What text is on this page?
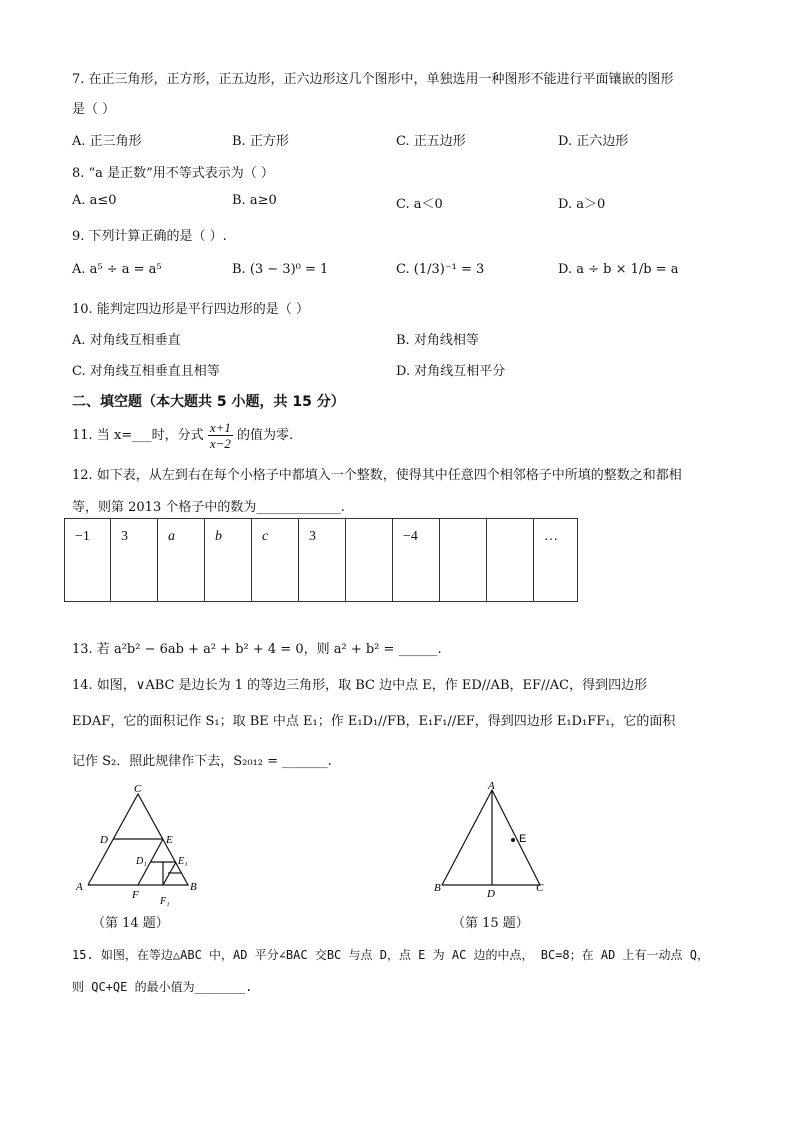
7. 在正三角形，正方形，正五边形，正六边形这几个图形中，单独选用一种图形不能进行平面镶嵌的图形
是（ ）
A. 正三角形	B. 正方形	C. 正五边形	D. 正六边形
8. “a 是正数”用不等式表示为（ ）
A. a≤0	B. a≥0	C. a＜0	D. a＞0
9. 下列计算正确的是（ ）.
A. a⁵ ÷ a = a⁵	B. (3 − 3)⁰ = 1	C. (1/3)⁻¹ = 3	D. a ÷ b × 1/b = a
10. 能判定四边形是平行四边形的是（ ）
A. 对角线互相垂直	B. 对角线相等
C. 对角线互相垂直且相等	D. 对角线互相平分
二、填空题（本大题共 5 小题，共 15 分）
11. 当 x=___时，分式 $\frac{x+1}{x-2}$ 的值为零.
12. 如下表，从左到右在每个小格子中都填入一个整数，使得其中任意四个相邻格子中所填的整数之和都相
等，则第 2013 个格子中的数为_____________.
−1	3	a	b	c	3		−4			…
13. 若 a²b² − 6ab + a² + b² + 4 = 0，则 a² + b² = ______.
14. 如图，∨ABC 是边长为 1 的等边三角形，取 BC 边中点 E，作 ED//AB，EF//AC，得到四边形
EDAF，它的面积记作 S₁；取 BE 中点 E₁；作 E₁D₁//FB，E₁F₁//EF，得到四边形 E₁D₁FF₁，它的面积
记作 S₂．照此规律作下去，S₂₀₁₂ = _______.
C
D	E
D₁	E₁
A
F
F₁
B
（第 14 题）
A
E
B	D	C
（第 15 题）
15. 如图，在等边△ABC 中，AD 平分∠BAC 交BC 与点 D，点 E 为 AC 边的中点， BC=8；在 AD 上有一动点 Q，
则 QC+QE 的最小值为_______.
